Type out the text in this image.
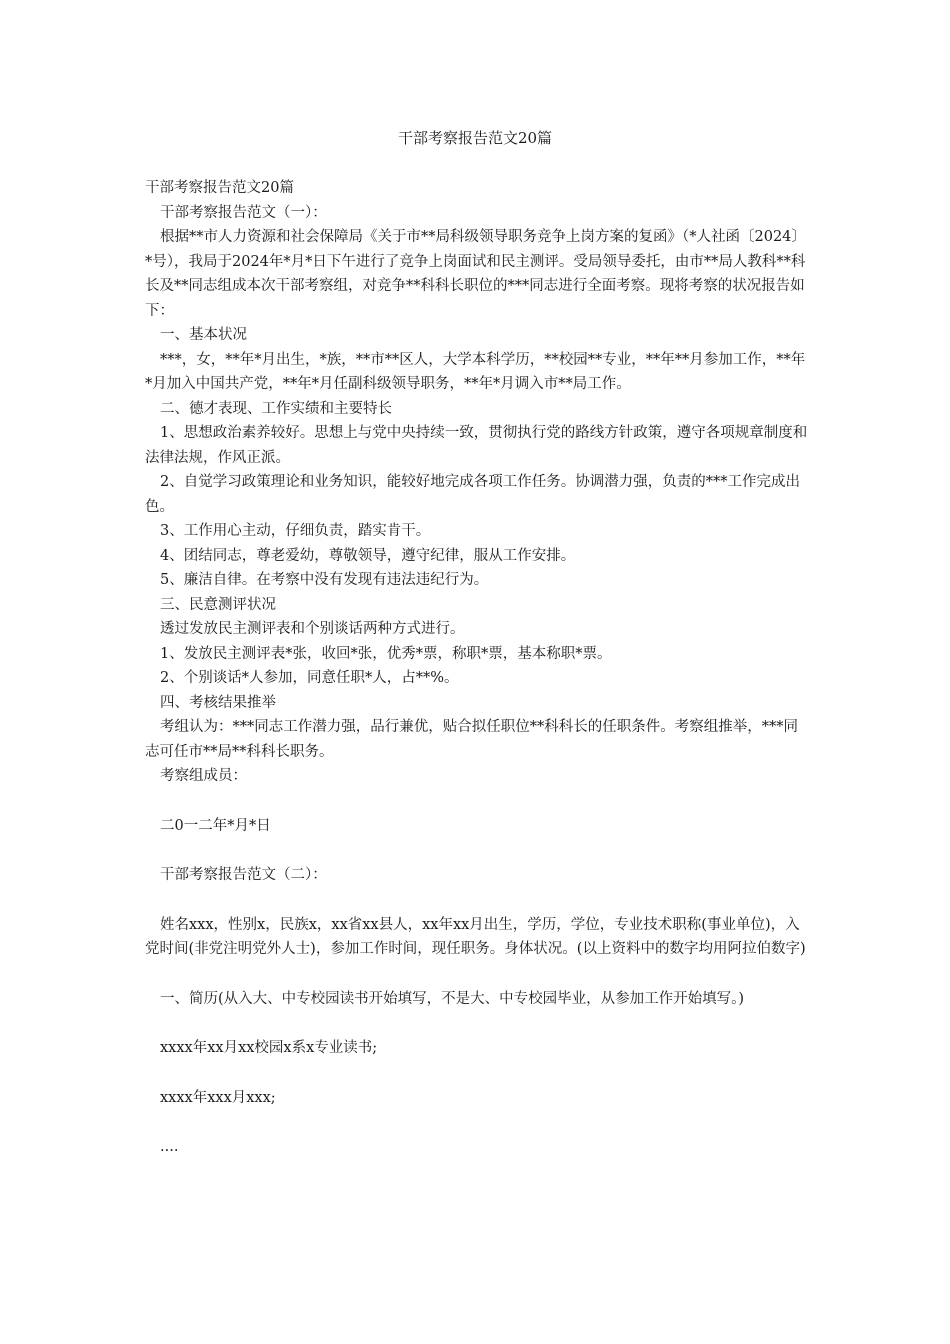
干部考察报告范文20篇

干部考察报告范文20篇

干部考察报告范文（一）：

根据**市人力资源和社会保障局《关于市**局科级领导职务竞争上岗方案的复函》（*人社函〔2024〕*号），我局于2024年*月*日下午进行了竞争上岗面试和民主测评。受局领导委托，由市**局人教科**科长及**同志组成本次干部考察组，对竞争**科科长职位的***同志进行全面考察。现将考察的状况报告如下：

一、基本状况

***，女，**年*月出生，*族，**市**区人，大学本科学历，**校园**专业，**年**月参加工作，**年*月加入中国共产党，**年*月任副科级领导职务，**年*月调入市**局工作。

二、德才表现、工作实绩和主要特长

1、思想政治素养较好。思想上与党中央持续一致，贯彻执行党的路线方针政策，遵守各项规章制度和法律法规，作风正派。

2、自觉学习政策理论和业务知识，能较好地完成各项工作任务。协调潜力强，负责的***工作完成出色。

3、工作用心主动，仔细负责，踏实肯干。

4、团结同志，尊老爱幼，尊敬领导，遵守纪律，服从工作安排。

5、廉洁自律。在考察中没有发现有违法违纪行为。

三、民意测评状况

透过发放民主测评表和个别谈话两种方式进行。

1、发放民主测评表*张，收回*张，优秀*票，称职*票，基本称职*票。

2、个别谈话*人参加，同意任职*人，占**%。

四、考核结果推举

考组认为：***同志工作潜力强，品行兼优，贴合拟任职位**科科长的任职条件。考察组推举，***同志可任市**局**科科长职务。

考察组成员：

二0一二年*月*日

干部考察报告范文（二）：

姓名xxx，性别x，民族x，xx省xx县人，xx年xx月出生，学历，学位，专业技术职称(事业单位)，入党时间(非党注明党外人士)，参加工作时间，现任职务。身体状况。(以上资料中的数字均用阿拉伯数字)

一、简历(从入大、中专校园读书开始填写，不是大、中专校园毕业，从参加工作开始填写。)

xxxx年xx月xx校园x系x专业读书;

xxxx年xxx月xxx;

....
